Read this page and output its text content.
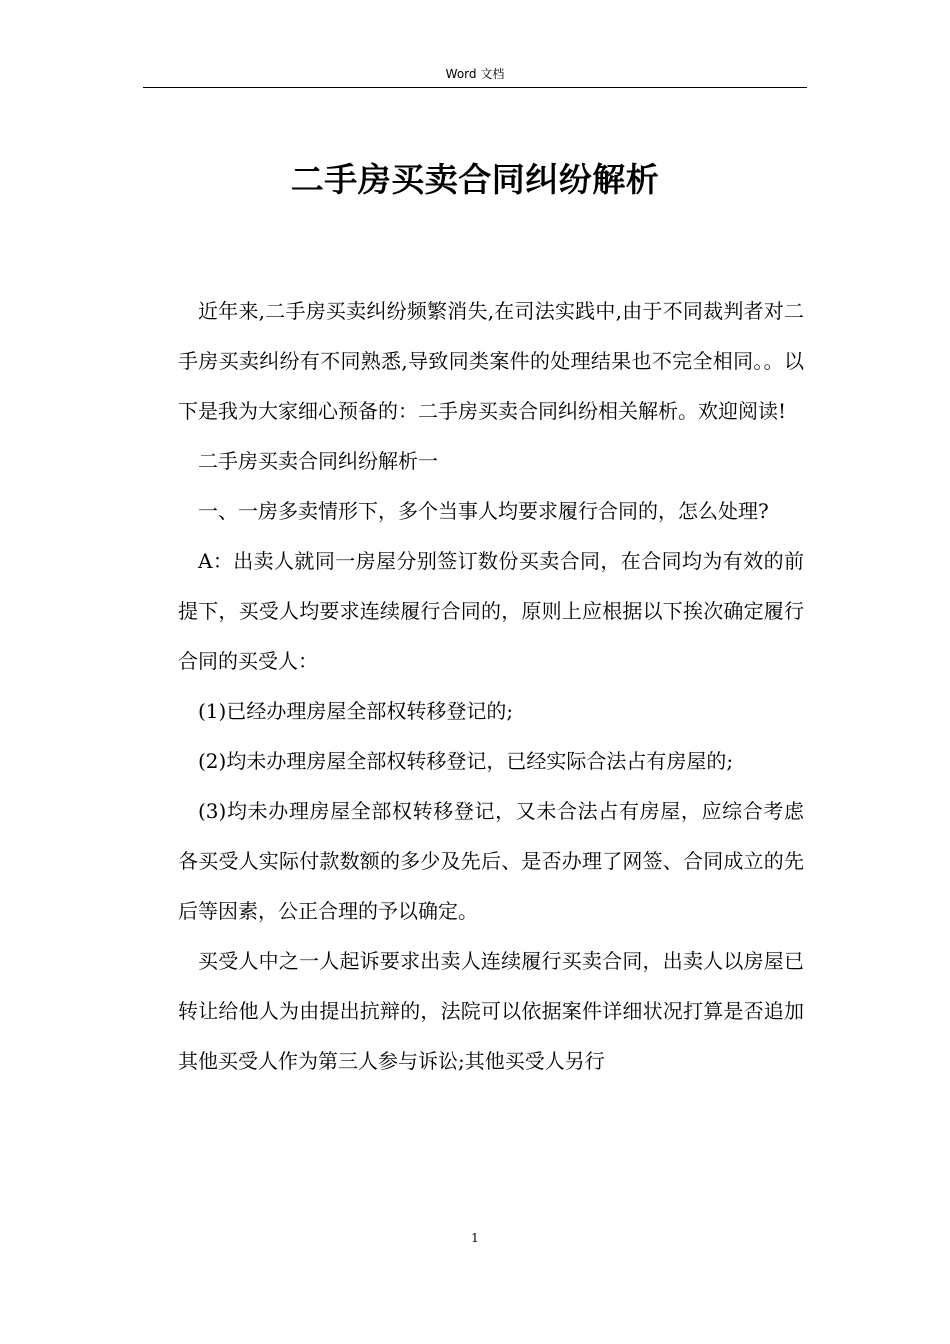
Word 文档
二手房买卖合同纠纷解析

近年来,二手房买卖纠纷频繁消失,在司法实践中,由于不同裁判者对二手房买卖纠纷有不同熟悉,导致同类案件的处理结果也不完全相同。。以下是我为大家细心预备的：二手房买卖合同纠纷相关解析。欢迎阅读!

二手房买卖合同纠纷解析一

一、一房多卖情形下，多个当事人均要求履行合同的，怎么处理?

A：出卖人就同一房屋分别签订数份买卖合同，在合同均为有效的前提下，买受人均要求连续履行合同的，原则上应根据以下挨次确定履行合同的买受人：

(1)已经办理房屋全部权转移登记的;

(2)均未办理房屋全部权转移登记，已经实际合法占有房屋的;

(3)均未办理房屋全部权转移登记，又未合法占有房屋，应综合考虑各买受人实际付款数额的多少及先后、是否办理了网签、合同成立的先后等因素，公正合理的予以确定。

买受人中之一人起诉要求出卖人连续履行买卖合同，出卖人以房屋已转让给他人为由提出抗辩的，法院可以依据案件详细状况打算是否追加其他买受人作为第三人参与诉讼;其他买受人另行

1
